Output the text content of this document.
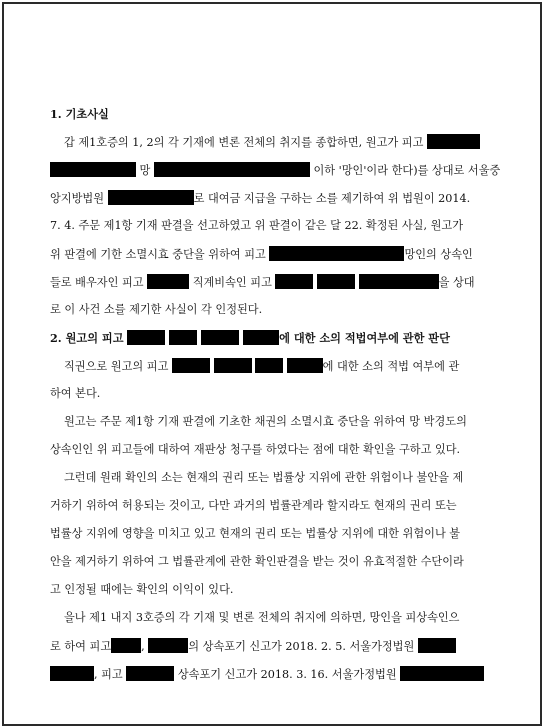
1. 기초사실
갑 제1호증의 1, 2의 각 기재에 변론 전체의 취지를 종합하면, 원고가 피고
망	이하 '망인'이라 한다)를 상대로 서울중
앙지방법원	로 대여금 지급을 구하는 소를 제기하여 위 법원이 2014.
7. 4. 주문 제1항 기재 판결을 선고하였고 위 판결이 같은 달 22. 확정된 사실, 원고가
위 판결에 기한 소멸시효 중단을 위하여 피고	망인의 상속인
들로 배우자인 피고	직계비속인 피고	을 상대
로 이 사건 소를 제기한 사실이 각 인정된다.
2. 원고의 피고	에 대한 소의 적법여부에 관한 판단
직권으로 원고의 피고	에 대한 소의 적법 여부에 관
하여 본다.
원고는 주문 제1항 기재 판결에 기초한 채권의 소멸시효 중단을 위하여 망 박경도의
상속인인 위 피고들에 대하여 재판상 청구를 하였다는 점에 대한 확인을 구하고 있다.
그런데 원래 확인의 소는 현재의 권리 또는 법률상 지위에 관한 위험이나 불안을 제
거하기 위하여 허용되는 것이고, 다만 과거의 법률관계라 할지라도 현재의 권리 또는
법률상 지위에 영향을 미치고 있고 현재의 권리 또는 법률상 지위에 대한 위험이나 불
안을 제거하기 위하여 그 법률관계에 관한 확인판결을 받는 것이 유효적절한 수단이라
고 인정될 때에는 확인의 이익이 있다.
을나 제1 내지 3호증의 각 기재 및 변론 전체의 취지에 의하면, 망인을 피상속인으
로 하여 피고	,	의 상속포기 신고가 2018. 2. 5. 서울가정법원
, 피고	상속포기 신고가 2018. 3. 16. 서울가정법원
